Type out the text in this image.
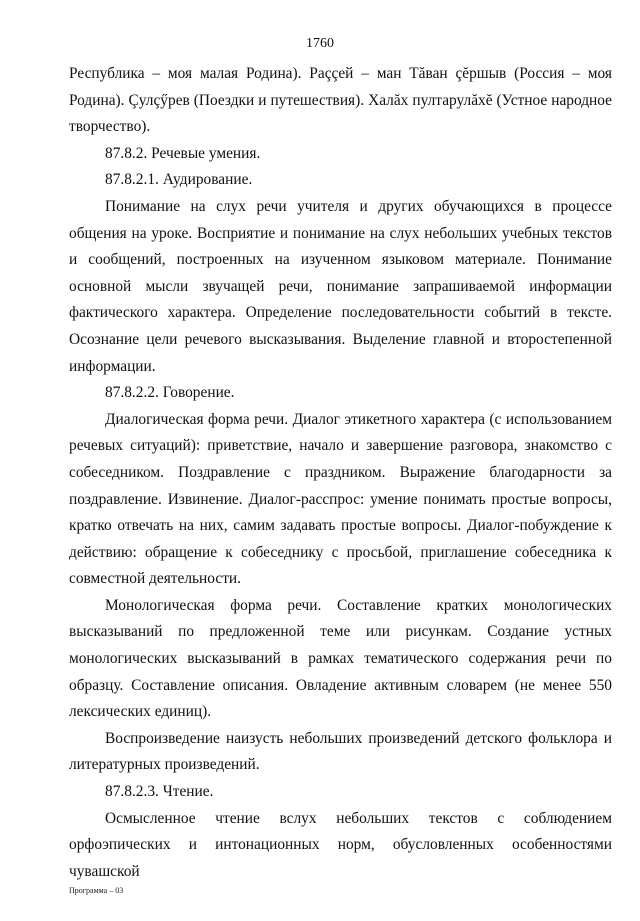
1760

Республика – моя малая Родина). Раççей – ман Тăван çĕршыв (Россия – моя Родина). Çулçӳрев (Поездки и путешествия). Халăх пултарулăхĕ (Устное народное творчество).

87.8.2. Речевые умения.

87.8.2.1. Аудирование.

Понимание на слух речи учителя и других обучающихся в процессе общения на уроке. Восприятие и понимание на слух небольших учебных текстов и сообщений, построенных на изученном языковом материале. Понимание основной мысли звучащей речи, понимание запрашиваемой информации фактического характера. Определение последовательности событий в тексте. Осознание цели речевого высказывания. Выделение главной и второстепенной информации.

87.8.2.2. Говорение.

Диалогическая форма речи. Диалог этикетного характера (с использованием речевых ситуаций): приветствие, начало и завершение разговора, знакомство с собеседником. Поздравление с праздником. Выражение благодарности за поздравление. Извинение. Диалог-расспрос: умение понимать простые вопросы, кратко отвечать на них, самим задавать простые вопросы. Диалог-побуждение к действию: обращение к собеседнику с просьбой, приглашение собеседника к совместной деятельности.

Монологическая форма речи. Составление кратких монологических высказываний по предложенной теме или рисункам. Создание устных монологических высказываний в рамках тематического содержания речи по образцу. Составление описания. Овладение активным словарем (не менее 550 лексических единиц).

Воспроизведение наизусть небольших произведений детского фольклора и литературных произведений.

87.8.2.3. Чтение.

Осмысленное чтение вслух небольших текстов с соблюдением орфоэпических и интонационных норм, обусловленных особенностями чувашской

Программа – 03
